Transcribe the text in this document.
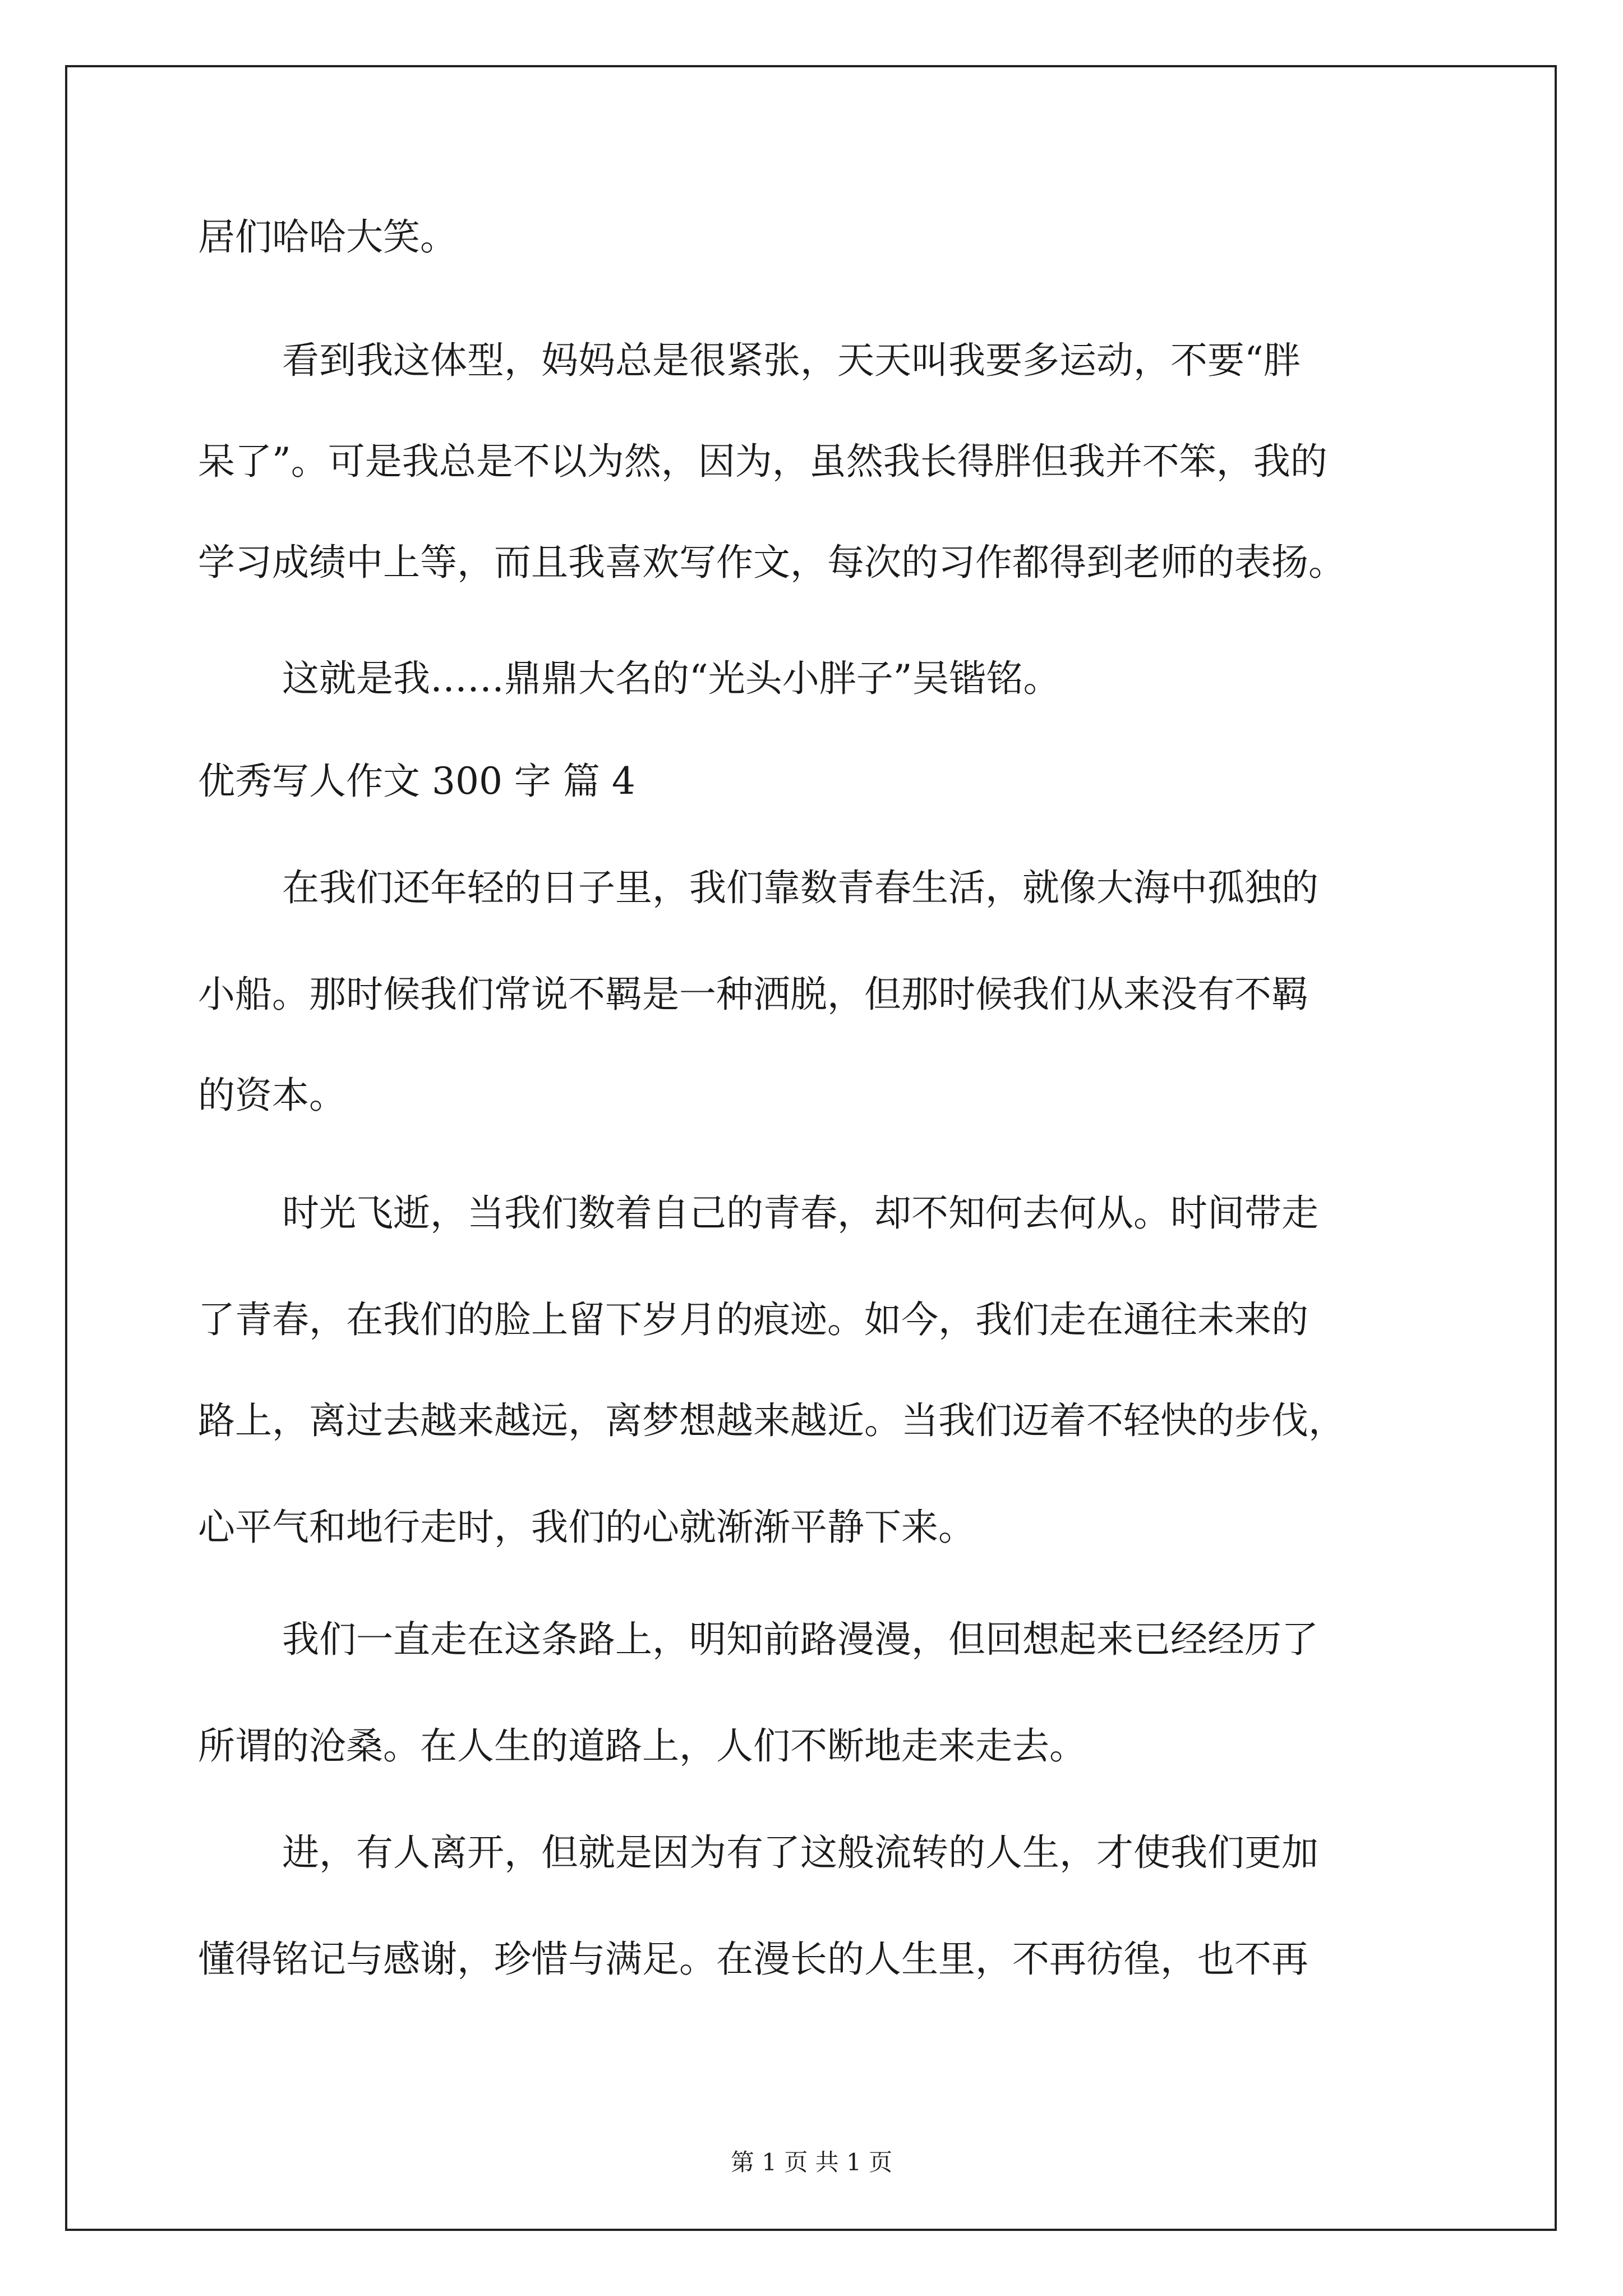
居们哈哈大笑。
看到我这体型，妈妈总是很紧张，天天叫我要多运动，不要“胖
呆了”。可是我总是不以为然，因为，虽然我长得胖但我并不笨，我的
学习成绩中上等，而且我喜欢写作文，每次的习作都得到老师的表扬。
这就是我……鼎鼎大名的“光头小胖子”吴锴铭。
优秀写人作文 300 字 篇 4
在我们还年轻的日子里，我们靠数青春生活，就像大海中孤独的
小船。那时候我们常说不羁是一种洒脱，但那时候我们从来没有不羁
的资本。
时光飞逝，当我们数着自己的青春，却不知何去何从。时间带走
了青春，在我们的脸上留下岁月的痕迹。如今，我们走在通往未来的
路上，离过去越来越远，离梦想越来越近。当我们迈着不轻快的步伐，
心平气和地行走时，我们的心就渐渐平静下来。
我们一直走在这条路上，明知前路漫漫，但回想起来已经经历了
所谓的沧桑。在人生的道路上，人们不断地走来走去。
进，有人离开，但就是因为有了这般流转的人生，才使我们更加
懂得铭记与感谢，珍惜与满足。在漫长的人生里，不再彷徨，也不再
第 1 页 共 1 页
